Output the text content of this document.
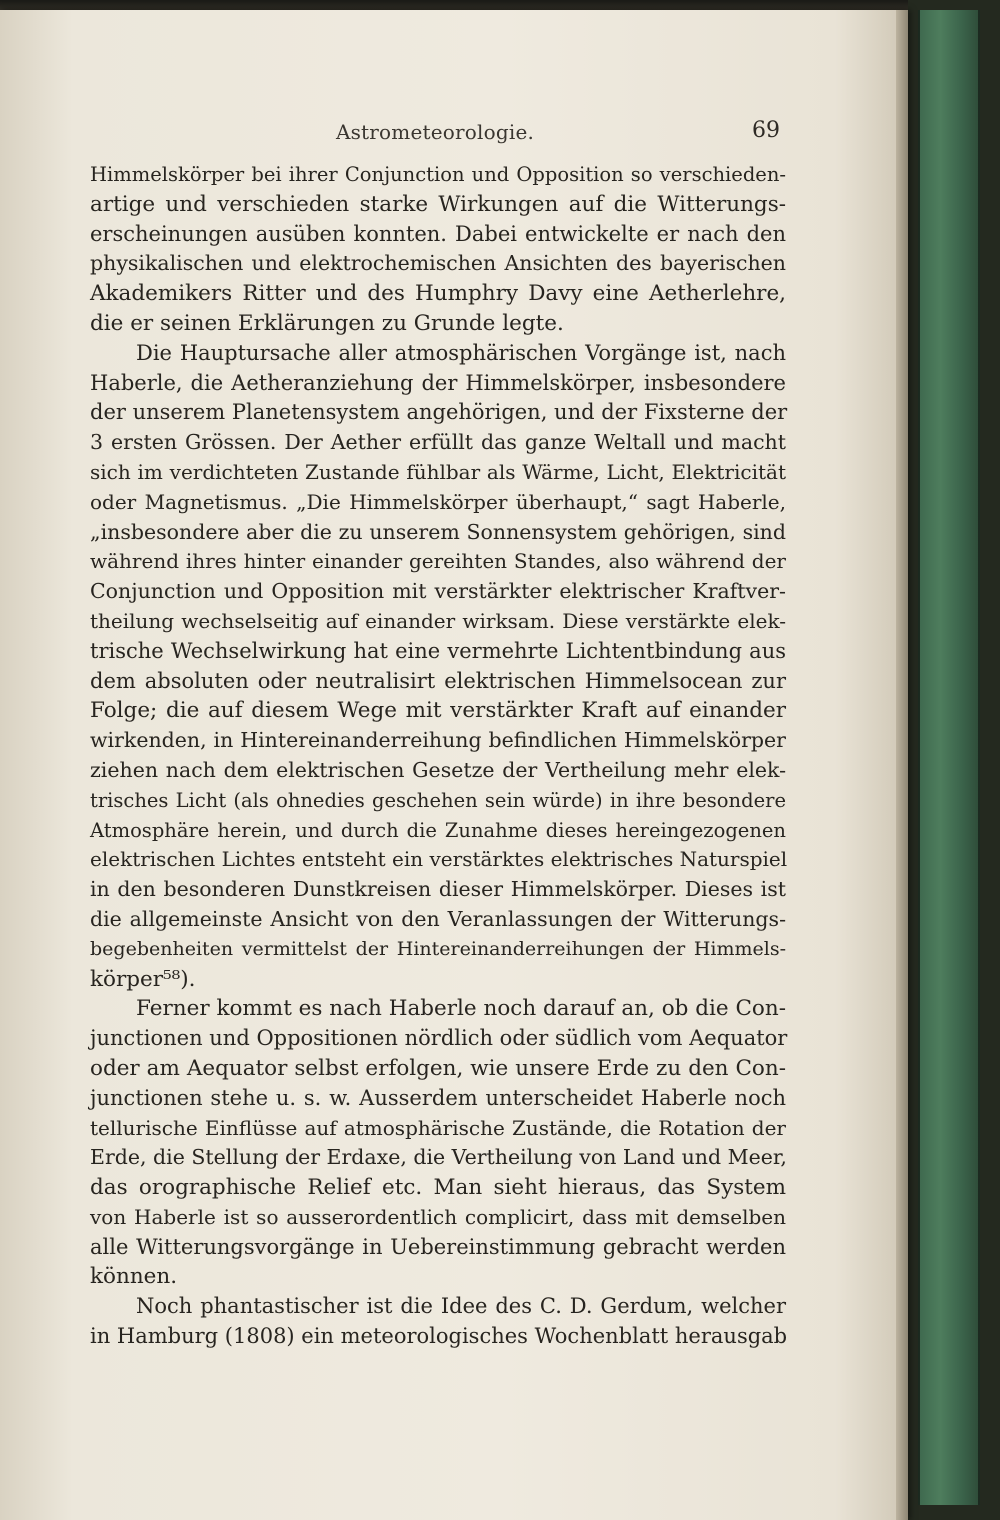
Astrometeorologie.	69
Himmelskörper bei ihrer Conjunction und Opposition so verschieden-
artige und verschieden starke Wirkungen auf die Witterungs-
erscheinungen ausüben konnten. Dabei entwickelte er nach den
physikalischen und elektrochemischen Ansichten des bayerischen
Akademikers Ritter und des Humphry Davy eine Aetherlehre,
die er seinen Erklärungen zu Grunde legte.
Die Hauptursache aller atmosphärischen Vorgänge ist, nach
Haberle, die Aetheranziehung der Himmelskörper, insbesondere
der unserem Planetensystem angehörigen, und der Fixsterne der
3 ersten Grössen. Der Aether erfüllt das ganze Weltall und macht
sich im verdichteten Zustande fühlbar als Wärme, Licht, Elektricität
oder Magnetismus. „Die Himmelskörper überhaupt,“ sagt Haberle,
„insbesondere aber die zu unserem Sonnensystem gehörigen, sind
während ihres hinter einander gereihten Standes, also während der
Conjunction und Opposition mit verstärkter elektrischer Kraftver-
theilung wechselseitig auf einander wirksam. Diese verstärkte elek-
trische Wechselwirkung hat eine vermehrte Lichtentbindung aus
dem absoluten oder neutralisirt elektrischen Himmelsocean zur
Folge; die auf diesem Wege mit verstärkter Kraft auf einander
wirkenden, in Hintereinanderreihung befindlichen Himmelskörper
ziehen nach dem elektrischen Gesetze der Vertheilung mehr elek-
trisches Licht (als ohnedies geschehen sein würde) in ihre besondere
Atmosphäre herein, und durch die Zunahme dieses hereingezogenen
elektrischen Lichtes entsteht ein verstärktes elektrisches Naturspiel
in den besonderen Dunstkreisen dieser Himmelskörper. Dieses ist
die allgemeinste Ansicht von den Veranlassungen der Witterungs-
begebenheiten vermittelst der Hintereinanderreihungen der Himmels-
körper⁵⁸).
Ferner kommt es nach Haberle noch darauf an, ob die Con-
junctionen und Oppositionen nördlich oder südlich vom Aequator
oder am Aequator selbst erfolgen, wie unsere Erde zu den Con-
junctionen stehe u. s. w. Ausserdem unterscheidet Haberle noch
tellurische Einflüsse auf atmosphärische Zustände, die Rotation der
Erde, die Stellung der Erdaxe, die Vertheilung von Land und Meer,
das orographische Relief etc. Man sieht hieraus, das System
von Haberle ist so ausserordentlich complicirt, dass mit demselben
alle Witterungsvorgänge in Uebereinstimmung gebracht werden
können.
Noch phantastischer ist die Idee des C. D. Gerdum, welcher
in Hamburg (1808) ein meteorologisches Wochenblatt herausgab
